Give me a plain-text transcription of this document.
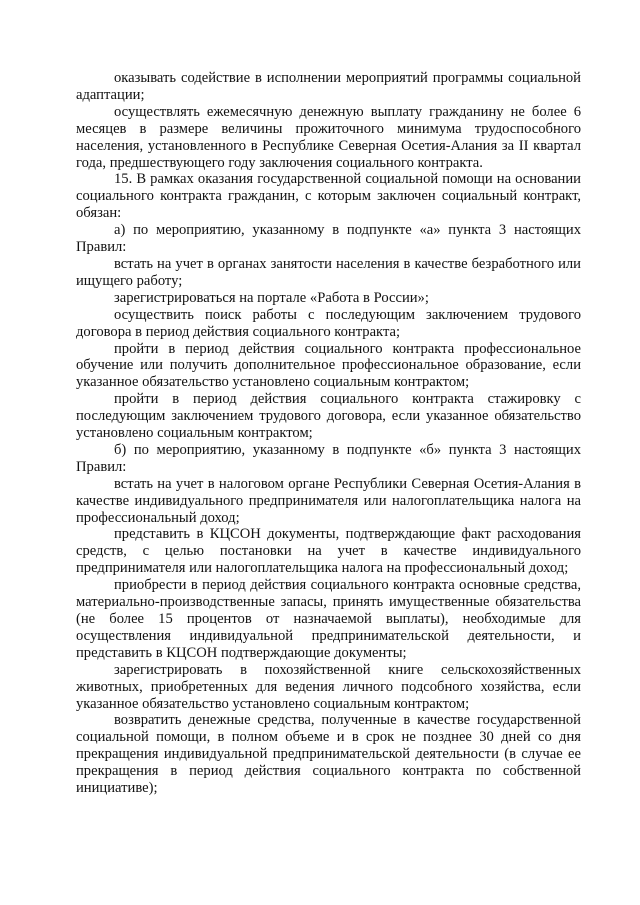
оказывать содействие в исполнении мероприятий программы социальной адаптации;

осуществлять ежемесячную денежную выплату гражданину не более 6 месяцев в размере величины прожиточного минимума трудоспособного населения, установленного в Республике Северная Осетия-Алания за II квартал года, предшествующего году заключения социального контракта.

15. В рамках оказания государственной социальной помощи на основании социального контракта гражданин, с которым заключен социальный контракт, обязан:

а) по мероприятию, указанному в подпункте «а» пункта 3 настоящих Правил:

встать на учет в органах занятости населения в качестве безработного или ищущего работу;

зарегистрироваться на портале «Работа в России»;

осуществить поиск работы с последующим заключением трудового договора в период действия социального контракта;

пройти в период действия социального контракта профессиональное обучение или получить дополнительное профессиональное образование, если указанное обязательство установлено социальным контрактом;

пройти в период действия социального контракта стажировку с последующим заключением трудового договора, если указанное обязательство установлено социальным контрактом;

б) по мероприятию, указанному в подпункте «б» пункта 3 настоящих Правил:

встать на учет в налоговом органе Республики Северная Осетия-Алания в качестве индивидуального предпринимателя или налогоплательщика налога на профессиональный доход;

представить в КЦСОН документы, подтверждающие факт расходования средств, с целью постановки на учет в качестве индивидуального предпринимателя или налогоплательщика налога на профессиональный доход;

приобрести в период действия социального контракта основные средства, материально-производственные запасы, принять имущественные обязательства (не более 15 процентов от назначаемой выплаты), необходимые для осуществления индивидуальной предпринимательской деятельности, и представить в КЦСОН подтверждающие документы;

зарегистрировать в похозяйственной книге сельскохозяйственных животных, приобретенных для ведения личного подсобного хозяйства, если указанное обязательство установлено социальным контрактом;

возвратить денежные средства, полученные в качестве государственной социальной помощи, в полном объеме и в срок не позднее 30 дней со дня прекращения индивидуальной предпринимательской деятельности (в случае ее прекращения в период действия социального контракта по собственной инициативе);
